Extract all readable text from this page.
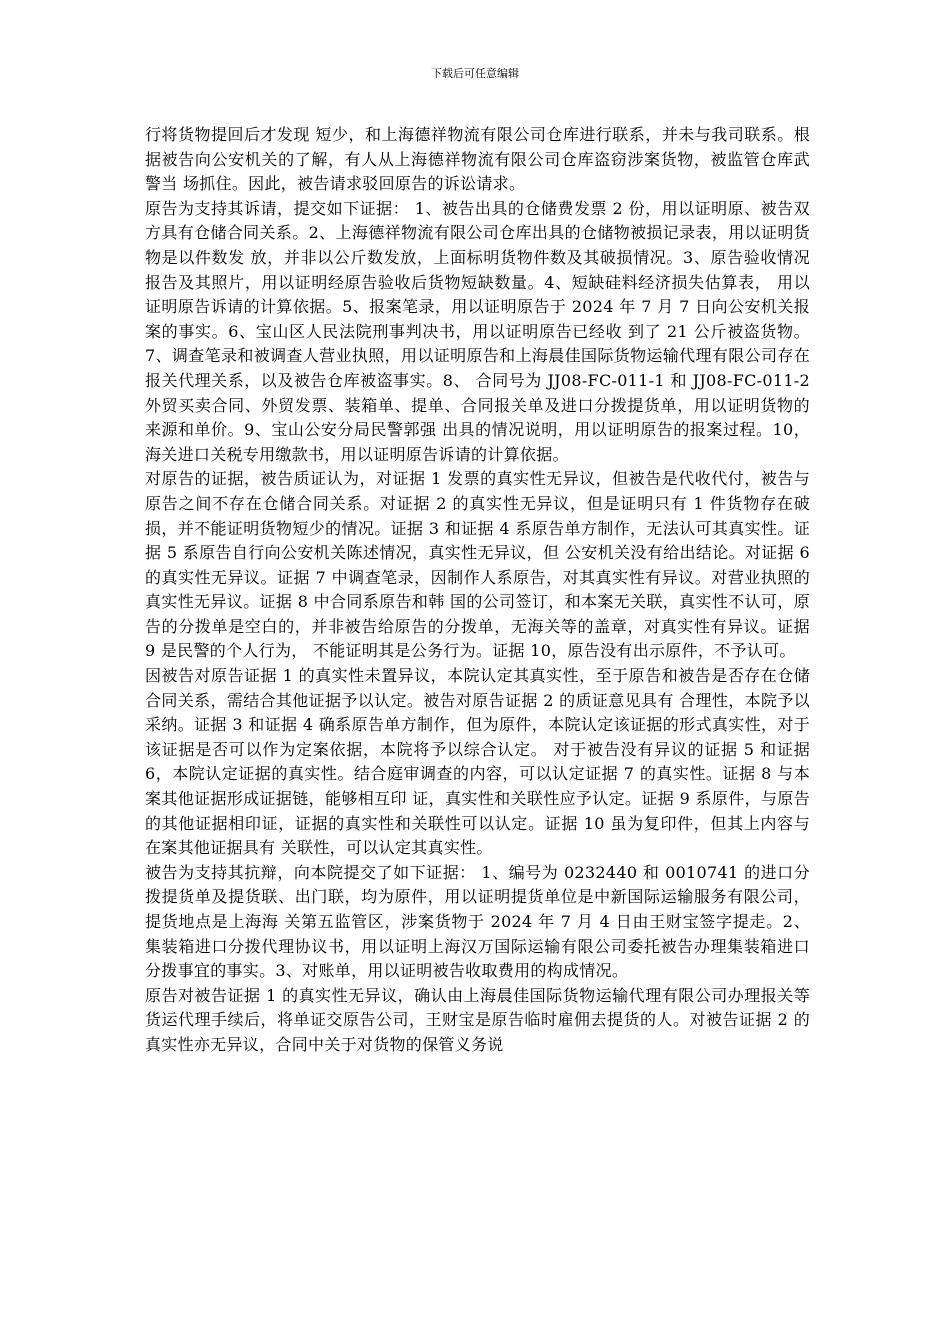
下载后可任意编辑

行将货物提回后才发现 短少，和上海德祥物流有限公司仓库进行联系，并未与我司联系。根据被告向公安机关的了解，有人从上海德祥物流有限公司仓库盗窃涉案货物，被监管仓库武警当 场抓住。因此，被告请求驳回原告的诉讼请求。

原告为支持其诉请，提交如下证据： 1、被告出具的仓储费发票 2 份，用以证明原、被告双方具有仓储合同关系。2、上海德祥物流有限公司仓库出具的仓储物被损记录表，用以证明货物是以件数发 放，并非以公斤数发放，上面标明货物件数及其破损情况。3、原告验收情况报告及其照片，用以证明经原告验收后货物短缺数量。4、短缺硅料经济损失估算表， 用以证明原告诉请的计算依据。5、报案笔录，用以证明原告于 2024 年 7 月 7 日向公安机关报案的事实。6、宝山区人民法院刑事判决书，用以证明原告已经收 到了 21 公斤被盗货物。7、调查笔录和被调查人营业执照，用以证明原告和上海晨佳国际货物运输代理有限公司存在报关代理关系，以及被告仓库被盗事实。8、 合同号为 JJ08-FC-011-1 和 JJ08-FC-011-2 外贸买卖合同、外贸发票、装箱单、提单、合同报关单及进口分拨提货单，用以证明货物的来源和单价。9、宝山公安分局民警郭强 出具的情况说明，用以证明原告的报案过程。10，海关进口关税专用缴款书，用以证明原告诉请的计算依据。

对原告的证据，被告质证认为，对证据 1 发票的真实性无异议，但被告是代收代付，被告与原告之间不存在仓储合同关系。对证据 2 的真实性无异议，但是证明只有 1 件货物存在破损，并不能证明货物短少的情况。证据 3 和证据 4 系原告单方制作，无法认可其真实性。证据 5 系原告自行向公安机关陈述情况，真实性无异议，但 公安机关没有给出结论。对证据 6 的真实性无异议。证据 7 中调查笔录，因制作人系原告，对其真实性有异议。对营业执照的真实性无异议。证据 8 中合同系原告和韩 国的公司签订，和本案无关联，真实性不认可，原告的分拨单是空白的，并非被告给原告的分拨单，无海关等的盖章，对真实性有异议。证据 9 是民警的个人行为， 不能证明其是公务行为。证据 10，原告没有出示原件，不予认可。

因被告对原告证据 1 的真实性未置异议，本院认定其真实性，至于原告和被告是否存在仓储合同关系，需结合其他证据予以认定。被告对原告证据 2 的质证意见具有 合理性，本院予以采纳。证据 3 和证据 4 确系原告单方制作，但为原件，本院认定该证据的形式真实性，对于该证据是否可以作为定案依据，本院将予以综合认定。 对于被告没有异议的证据 5 和证据 6，本院认定证据的真实性。结合庭审调查的内容，可以认定证据 7 的真实性。证据 8 与本案其他证据形成证据链，能够相互印 证，真实性和关联性应予认定。证据 9 系原件，与原告的其他证据相印证，证据的真实性和关联性可以认定。证据 10 虽为复印件，但其上内容与在案其他证据具有 关联性，可以认定其真实性。

被告为支持其抗辩，向本院提交了如下证据： 1、编号为 0232440 和 0010741 的进口分拨提货单及提货联、出门联，均为原件，用以证明提货单位是中新国际运输服务有限公司，提货地点是上海海 关第五监管区，涉案货物于 2024 年 7 月 4 日由王财宝签字提走。2、集装箱进口分拨代理协议书，用以证明上海汉万国际运输有限公司委托被告办理集装箱进口 分拨事宜的事实。3、对账单，用以证明被告收取费用的构成情况。

原告对被告证据 1 的真实性无异议，确认由上海晨佳国际货物运输代理有限公司办理报关等货运代理手续后，将单证交原告公司，王财宝是原告临时雇佣去提货的人。对被告证据 2 的真实性亦无异议，合同中关于对货物的保管义务说
